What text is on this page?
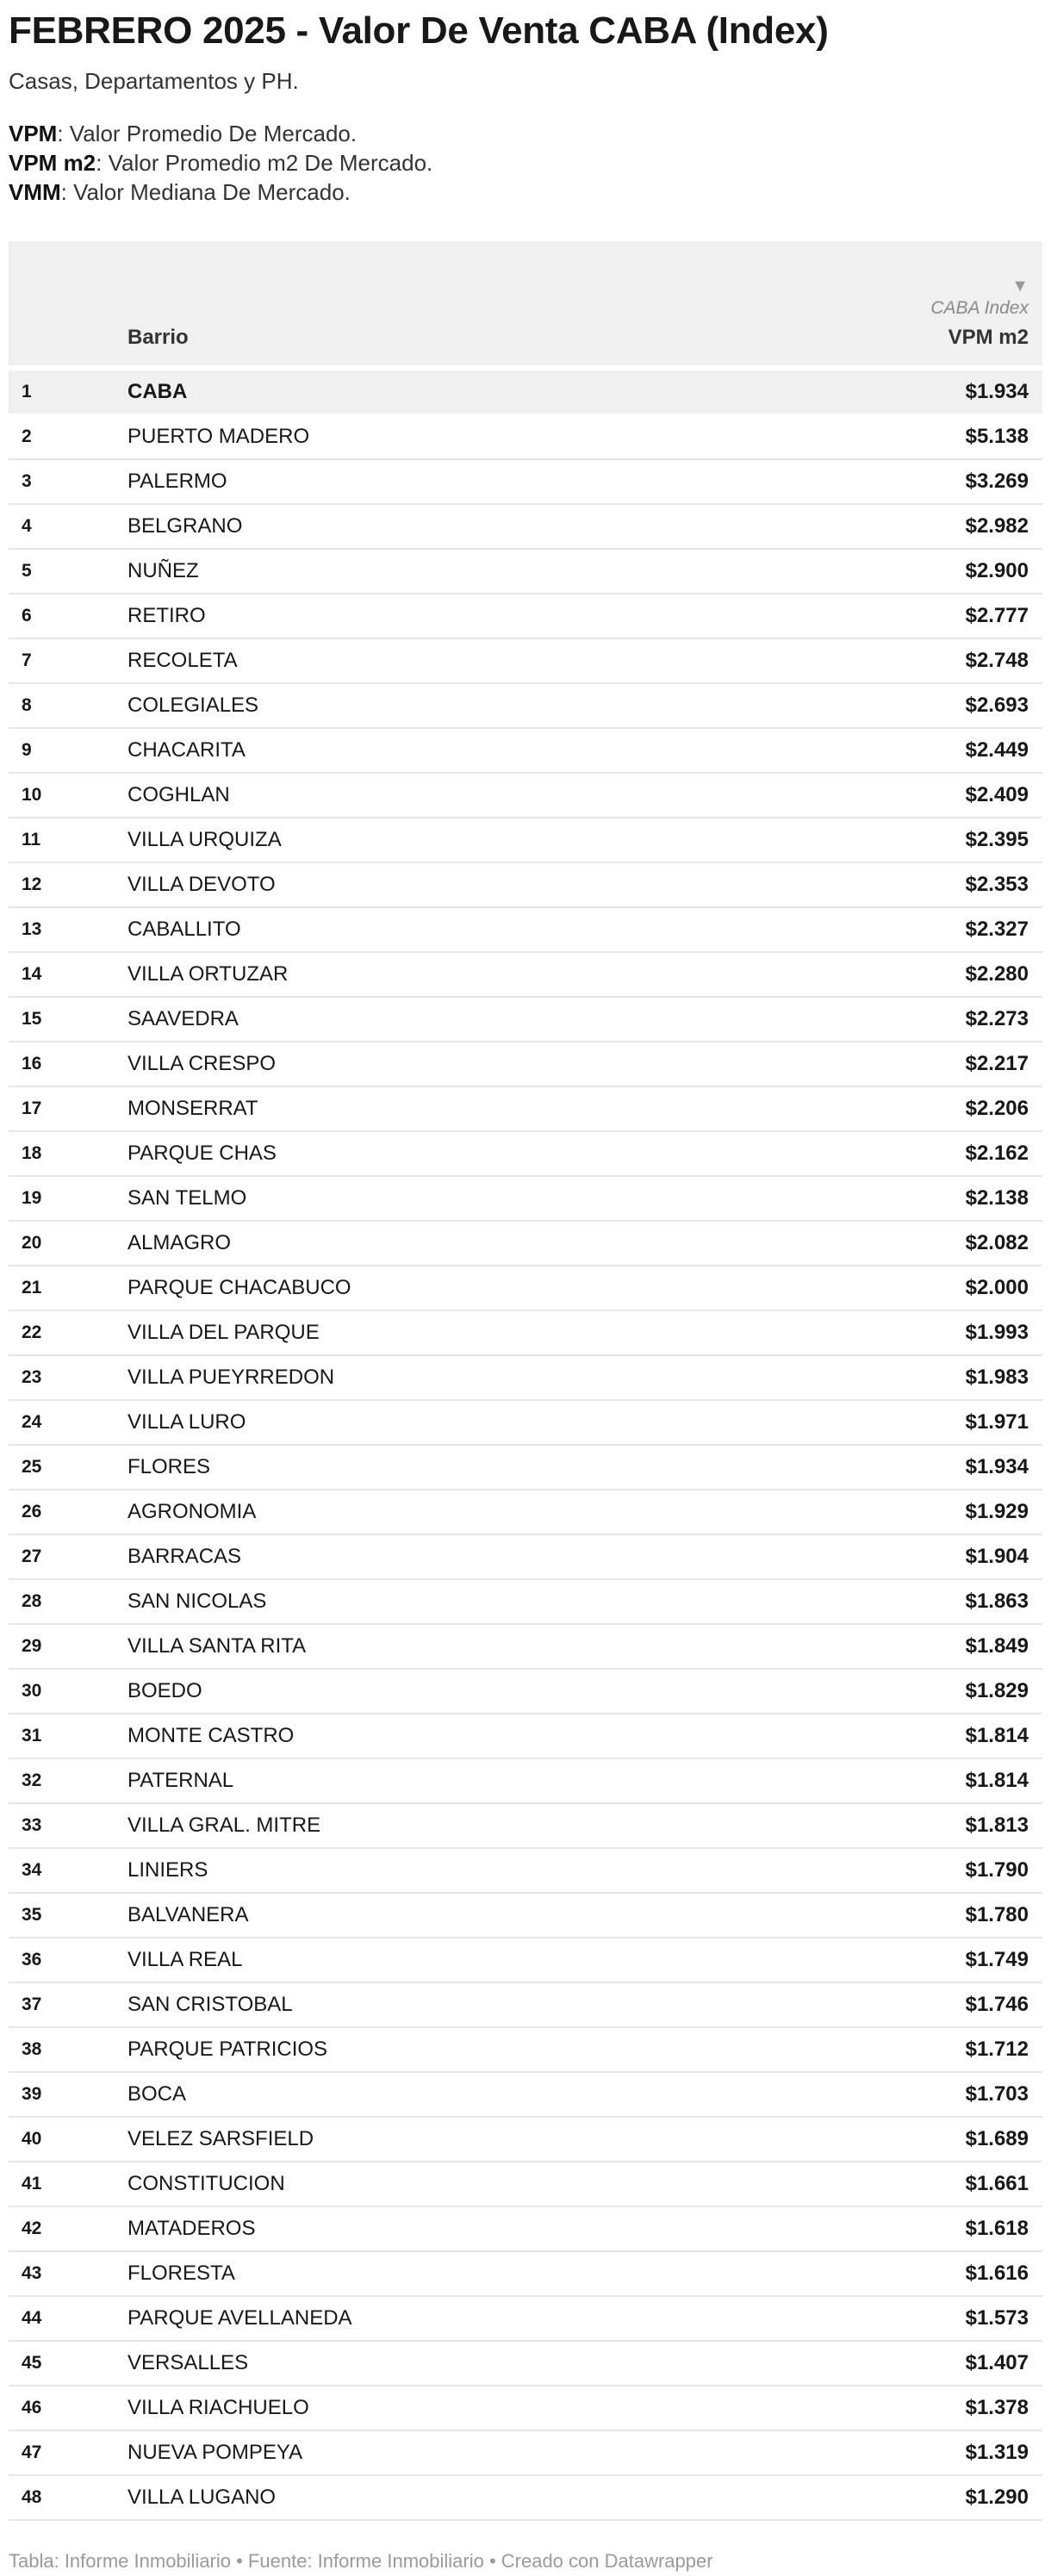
FEBRERO 2025 - Valor De Venta CABA (Index)
Casas, Departamentos y PH.
VPM: Valor Promedio De Mercado.
VPM m2: Valor Promedio m2 De Mercado.
VMM: Valor Mediana De Mercado.
	Barrio	▼
CABA Index
VPM m2

1	CABA	$1.934
2	PUERTO MADERO	$5.138
3	PALERMO	$3.269
4	BELGRANO	$2.982
5	NUÑEZ	$2.900
6	RETIRO	$2.777
7	RECOLETA	$2.748
8	COLEGIALES	$2.693
9	CHACARITA	$2.449
10	COGHLAN	$2.409
11	VILLA URQUIZA	$2.395
12	VILLA DEVOTO	$2.353
13	CABALLITO	$2.327
14	VILLA ORTUZAR	$2.280
15	SAAVEDRA	$2.273
16	VILLA CRESPO	$2.217
17	MONSERRAT	$2.206
18	PARQUE CHAS	$2.162
19	SAN TELMO	$2.138
20	ALMAGRO	$2.082
21	PARQUE CHACABUCO	$2.000
22	VILLA DEL PARQUE	$1.993
23	VILLA PUEYRREDON	$1.983
24	VILLA LURO	$1.971
25	FLORES	$1.934
26	AGRONOMIA	$1.929
27	BARRACAS	$1.904
28	SAN NICOLAS	$1.863
29	VILLA SANTA RITA	$1.849
30	BOEDO	$1.829
31	MONTE CASTRO	$1.814
32	PATERNAL	$1.814
33	VILLA GRAL. MITRE	$1.813
34	LINIERS	$1.790
35	BALVANERA	$1.780
36	VILLA REAL	$1.749
37	SAN CRISTOBAL	$1.746
38	PARQUE PATRICIOS	$1.712
39	BOCA	$1.703
40	VELEZ SARSFIELD	$1.689
41	CONSTITUCION	$1.661
42	MATADEROS	$1.618
43	FLORESTA	$1.616
44	PARQUE AVELLANEDA	$1.573
45	VERSALLES	$1.407
46	VILLA RIACHUELO	$1.378
47	NUEVA POMPEYA	$1.319
48	VILLA LUGANO	$1.290
Tabla: Informe Inmobiliario • Fuente: Informe Inmobiliario • Creado con Datawrapper
